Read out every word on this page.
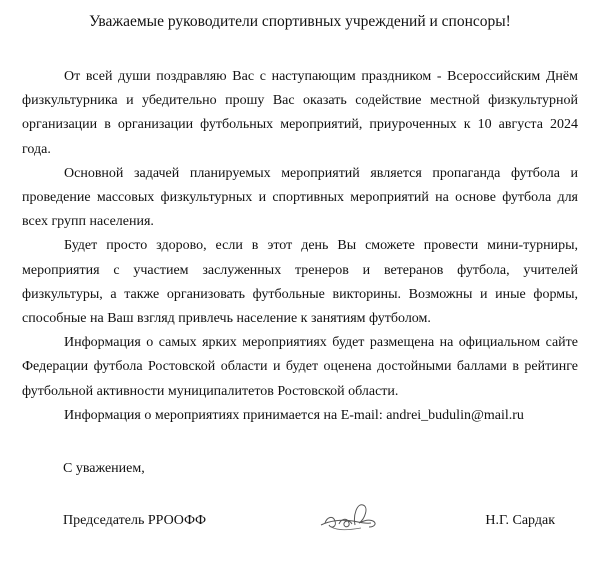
Уважаемые руководители спортивных учреждений и спонсоры!

От всей души поздравляю Вас с наступающим праздником - Всероссийским Днём физкультурника и убедительно прошу Вас оказать содействие местной физкультурной организации в организации футбольных мероприятий, приуроченных к 10 августа 2024 года.

Основной задачей планируемых мероприятий является пропаганда футбола и проведение массовых физкультурных и спортивных мероприятий на основе футбола для всех групп населения.

Будет просто здорово, если в этот день Вы сможете провести мини-турниры, мероприятия с участием заслуженных тренеров и ветеранов футбола, учителей физкультуры, а также организовать футбольные викторины. Возможны и иные формы, способные на Ваш взгляд привлечь население к занятиям футболом.

Информация о самых ярких мероприятиях будет размещена на официальном сайте Федерации футбола Ростовской области и будет оценена достойными баллами в рейтинге футбольной активности муниципалитетов Ростовской области.

Информация о мероприятиях принимается на E-mail: andrei_budulin@mail.ru

С уважением,
Председатель РРООФФ	Н.Г. Сардак
